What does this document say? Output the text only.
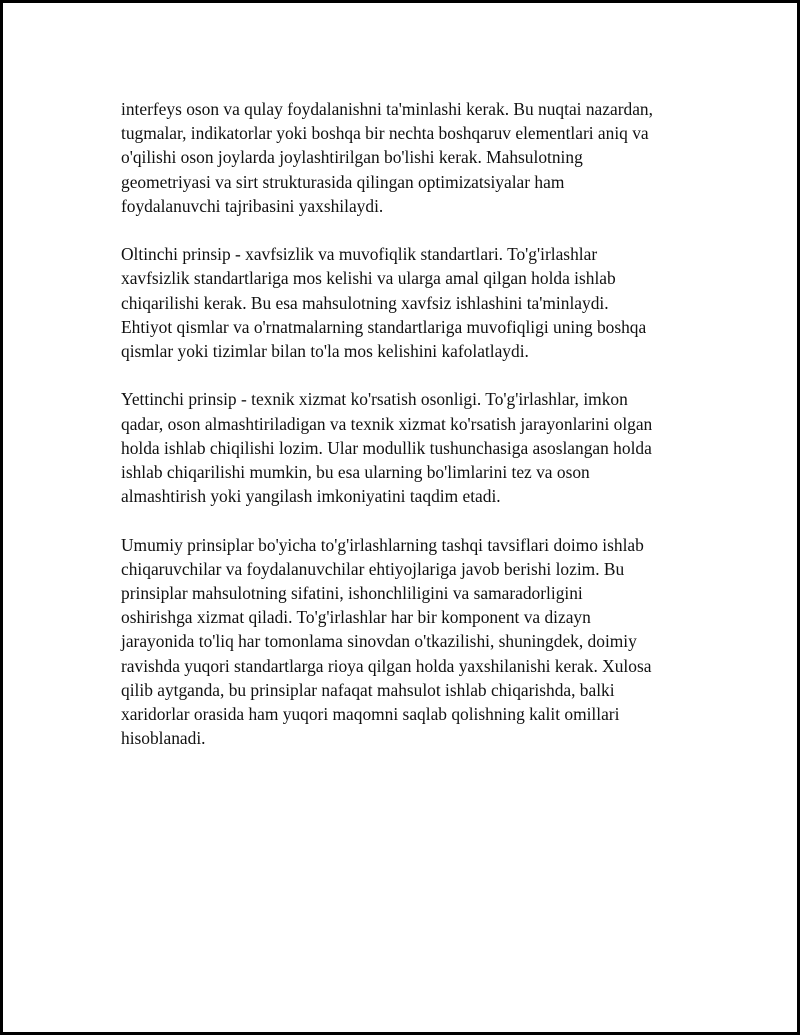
interfeys oson va qulay foydalanishni ta'minlashi kerak. Bu nuqtai nazardan,
tugmalar, indikatorlar yoki boshqa bir nechta boshqaruv elementlari aniq va
o'qilishi oson joylarda joylashtirilgan bo'lishi kerak. Mahsulotning
geometriyasi va sirt strukturasida qilingan optimizatsiyalar ham
foydalanuvchi tajribasini yaxshilaydi.

Oltinchi prinsip - xavfsizlik va muvofiqlik standartlari. To'g'irlashlar
xavfsizlik standartlariga mos kelishi va ularga amal qilgan holda ishlab
chiqarilishi kerak. Bu esa mahsulotning xavfsiz ishlashini ta'minlaydi.
Ehtiyot qismlar va o'rnatmalarning standartlariga muvofiqligi uning boshqa
qismlar yoki tizimlar bilan to'la mos kelishini kafolatlaydi.

Yettinchi prinsip - texnik xizmat ko'rsatish osonligi. To'g'irlashlar, imkon
qadar, oson almashtiriladigan va texnik xizmat ko'rsatish jarayonlarini olgan
holda ishlab chiqilishi lozim. Ular modullik tushunchasiga asoslangan holda
ishlab chiqarilishi mumkin, bu esa ularning bo'limlarini tez va oson
almashtirish yoki yangilash imkoniyatini taqdim etadi.

Umumiy prinsiplar bo'yicha to'g'irlashlarning tashqi tavsiflari doimo ishlab
chiqaruvchilar va foydalanuvchilar ehtiyojlariga javob berishi lozim. Bu
prinsiplar mahsulotning sifatini, ishonchliligini va samaradorligini
oshirishga xizmat qiladi. To'g'irlashlar har bir komponent va dizayn
jarayonida to'liq har tomonlama sinovdan o'tkazilishi, shuningdek, doimiy
ravishda yuqori standartlarga rioya qilgan holda yaxshilanishi kerak. Xulosa
qilib aytganda, bu prinsiplar nafaqat mahsulot ishlab chiqarishda, balki
xaridorlar orasida ham yuqori maqomni saqlab qolishning kalit omillari
hisoblanadi.
